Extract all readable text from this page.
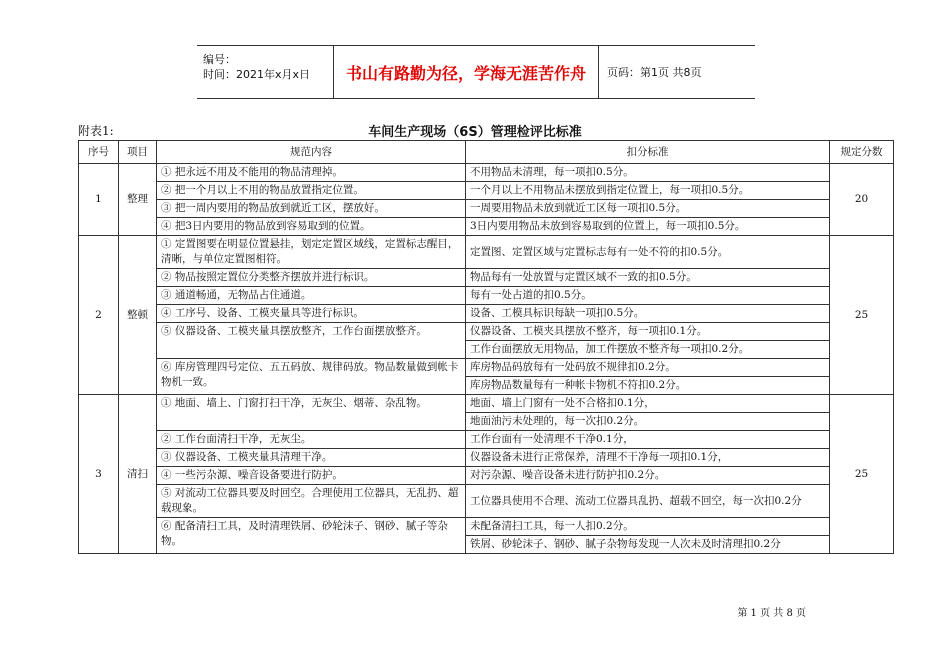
编号：
时间：2021年x月x日	书山有路勤为径，学海无涯苦作舟	页码：第1页 共8页
附表1:	车间生产现场（6S）管理检评比标准
序号	项目	规范内容	扣分标准	规定分数
1	整理	① 把永远不用及不能用的物品清理掉。	不用物品未清理，每一项扣0.5分。	20
		② 把一个月以上不用的物品放置指定位置。	一个月以上不用物品未摆放到指定位置上，每一项扣0.5分。	
		③ 把一周内要用的物品放到就近工区，摆放好。	一周要用物品未放到就近工区每一项扣0.5分。	
		④ 把3日内要用的物品放到容易取到的位置。	3日内要用物品未放到容易取到的位置上，每一项扣0.5分。	
2	整顿	① 定置图要在明显位置悬挂，划定定置区域线，定置标志醒目，清晰，与单位定置图相符。	定置图、定置区域与定置标志每有一处不符的扣0.5分。	25
		② 物品按照定置位分类整齐摆放并进行标识。	物品每有一处放置与定置区域不一致的扣0.5分。	
		③ 通道畅通，无物品占住通道。	每有一处占道的扣0.5分。	
		④ 工序号、设备、工模夹量具等进行标识。	设备、工模具标识每缺一项扣0.5分。	
		⑤ 仪器设备、工模夹量具摆放整齐，工作台面摆放整齐。	仪器设备、工模夹具摆放不整齐，每一项扣0.1分。	
			工作台面摆放无用物品，加工件摆放不整齐每一项扣0.2分。	
		⑥ 库房管理四号定位、五五码放、规律码放。物品数量做到帐卡物机一致。	库房物品码放每有一处码放不规律扣0.2分。	
			库房物品数量每有一种帐卡物机不符扣0.2分。	
3	清扫	① 地面、墙上、门窗打扫干净，无灰尘、烟蒂、杂乱物。	地面、墙上门窗有一处不合格扣0.1分，	25
			地面油污未处理的，每一次扣0.2分。	
		② 工作台面清扫干净，无灰尘。	工作台面有一处清理不干净0.1分，	
		③ 仪器设备、工模夹量具清理干净。	仪器设备未进行正常保养，清理不干净每一项扣0.1分，	
		④ 一些污杂源、噪音设备要进行防护。	对污杂源、噪音设备未进行防护扣0.2分。	
		⑤ 对流动工位器具要及时回空。合理使用工位器具，无乱扔、超载现象。	工位器具使用不合理、流动工位器具乱扔、超载不回空，每一次扣0.2分	
		⑥ 配备清扫工具，及时清理铁屑、砂轮沫子、钢砂、腻子等杂物。	未配备清扫工具，每一人扣0.2分。	
			铁屑、砂轮沫子、钢砂、腻子杂物每发现一人次未及时清理扣0.2分	
第 1 页 共 8 页
